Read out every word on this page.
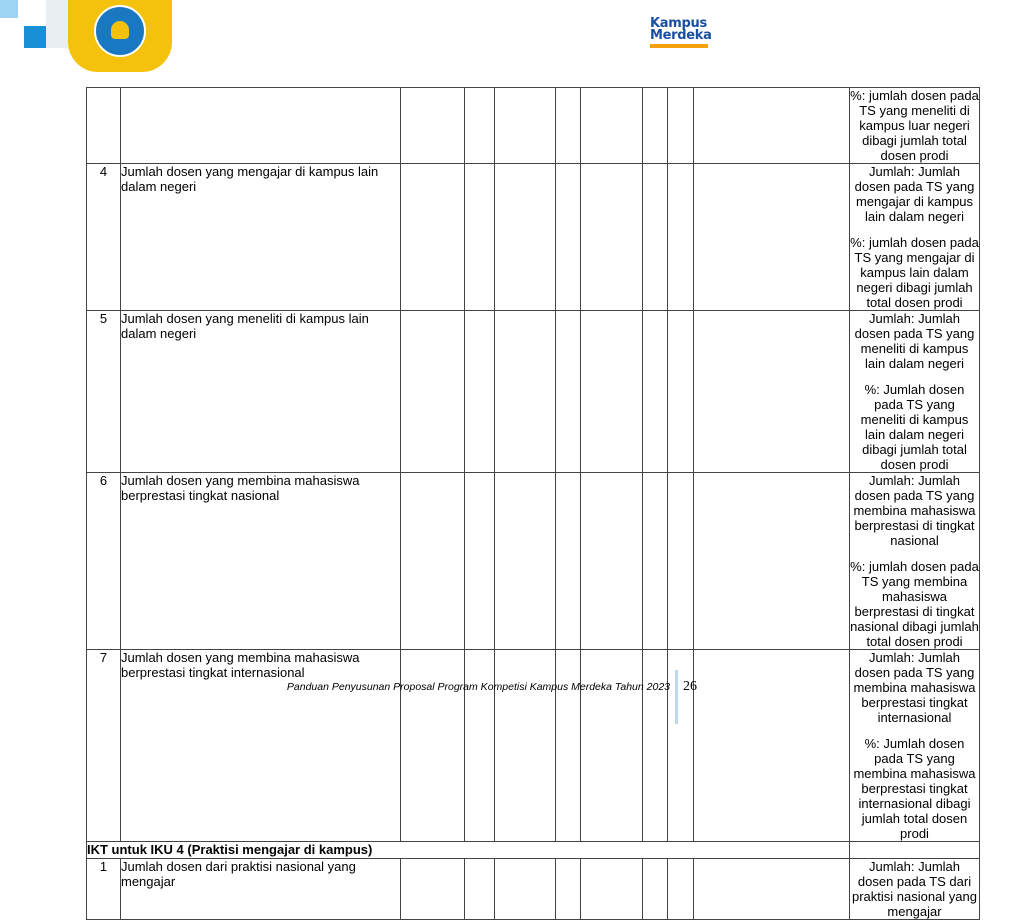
Kampus
Merdeka
										%: jumlah dosen pada TS yang meneliti di kampus luar negeri dibagi jumlah total dosen prodi
4	Jumlah dosen yang mengajar di kampus lain dalam negeri									Jumlah: Jumlah dosen pada TS yang mengajar di kampus lain dalam negeri
%: jumlah dosen pada TS yang mengajar di kampus lain dalam negeri dibagi jumlah total dosen prodi
5	Jumlah dosen yang meneliti di kampus lain dalam negeri									Jumlah: Jumlah dosen pada TS yang meneliti di kampus lain dalam negeri
%: Jumlah dosen pada TS yang meneliti di kampus lain dalam negeri dibagi jumlah total dosen prodi
6	Jumlah dosen yang membina mahasiswa berprestasi tingkat nasional									Jumlah: Jumlah dosen pada TS yang membina mahasiswa berprestasi di tingkat nasional
%: jumlah dosen pada TS yang membina mahasiswa berprestasi di tingkat nasional dibagi jumlah total dosen prodi
7	Jumlah dosen yang membina mahasiswa berprestasi tingkat internasional									Jumlah: Jumlah dosen pada TS yang membina mahasiswa berprestasi tingkat internasional
%: Jumlah dosen pada TS yang membina mahasiswa berprestasi tingkat internasional dibagi jumlah total dosen prodi
IKT untuk IKU 4 (Praktisi mengajar di kampus)										
1	Jumlah dosen dari praktisi nasional yang mengajar									Jumlah: Jumlah dosen pada TS dari praktisi nasional yang mengajar
Panduan Penyusunan Proposal Program Kompetisi Kampus Merdeka Tahun 2023 26
